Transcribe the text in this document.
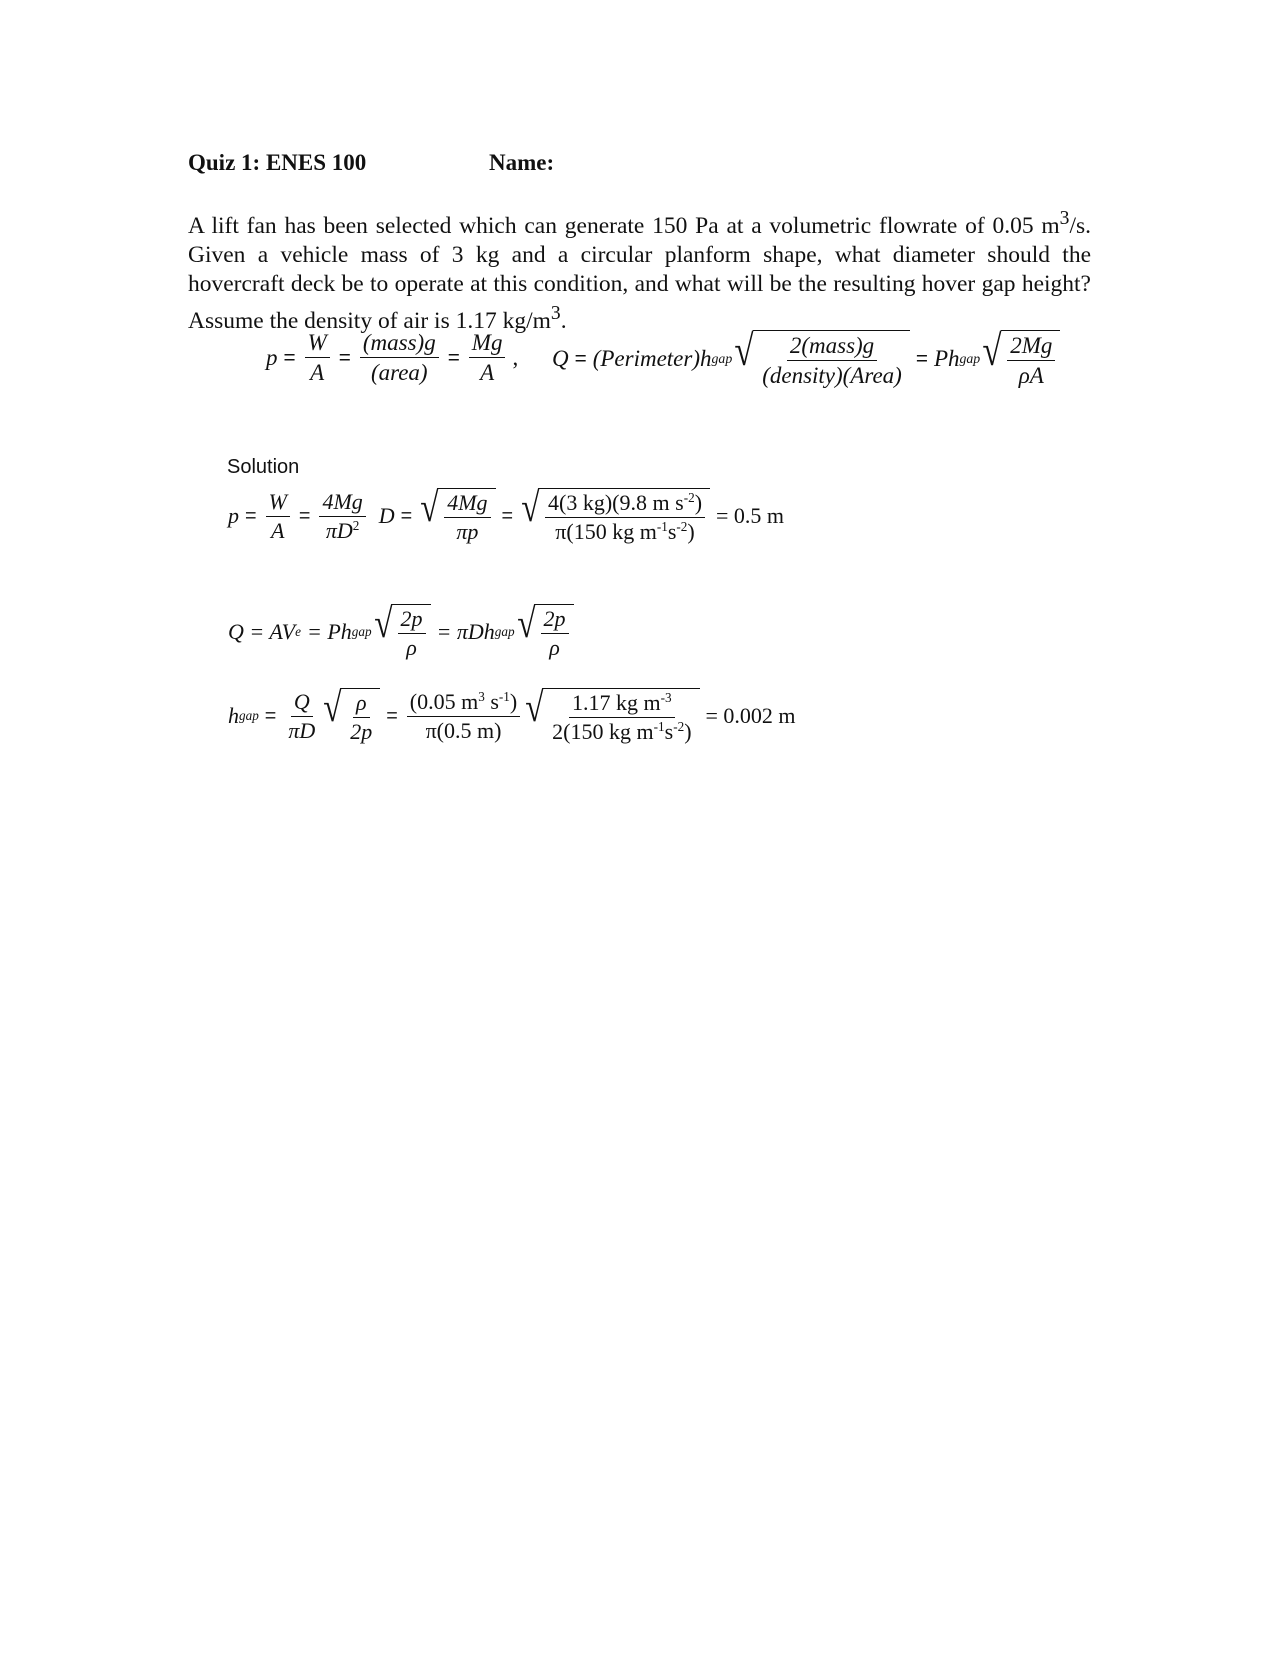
Quiz 1: ENES 100	Name:
A lift fan has been selected which can generate 150 Pa at a volumetric flowrate of 0.05 $m^3/s$. Given a vehicle mass of 3 kg and a circular planform shape, what diameter should the hovercraft deck be to operate at this condition, and what will be the resulting hover gap height? Assume the density of air is 1.17 $kg/m^3$.
$p = \frac{W}{A} = \frac{\text{(mass)g}}{\text{(area)}} = \frac{Mg}{A}$ , Q = (Perimeter)h gap √ $\frac{\text{2(mass)g}}{\text{(density)(Area)}} = Ph$ gap √ $\frac{2Mg}{\rho A}$
Solution
$p = \frac{W}{A} = \frac{4Mg}{\pi D^2}$ D = √ $\frac{4Mg}{\pi p}$ = √ $\frac{4(3 kg)(9.8 m s^{-2})}{\pi(150 kg m^{-1}s^{-2})} = 0.5$ m
Q = AV e = Ph gap √ $\frac{2p}{\rho} = \pi Dh$ gap √ $\frac{2p}{\rho}$
h gap = $\frac{Q}{\pi D}$ √ $\frac{\rho}{2p} = \frac{(0.05 m^3 s^{-1})}{\pi(0.5 m)}$ √ $\frac{1.17 kg m^{-3}}{2(150 kg m^{-1}s^{-2})} = 0.002$ m
